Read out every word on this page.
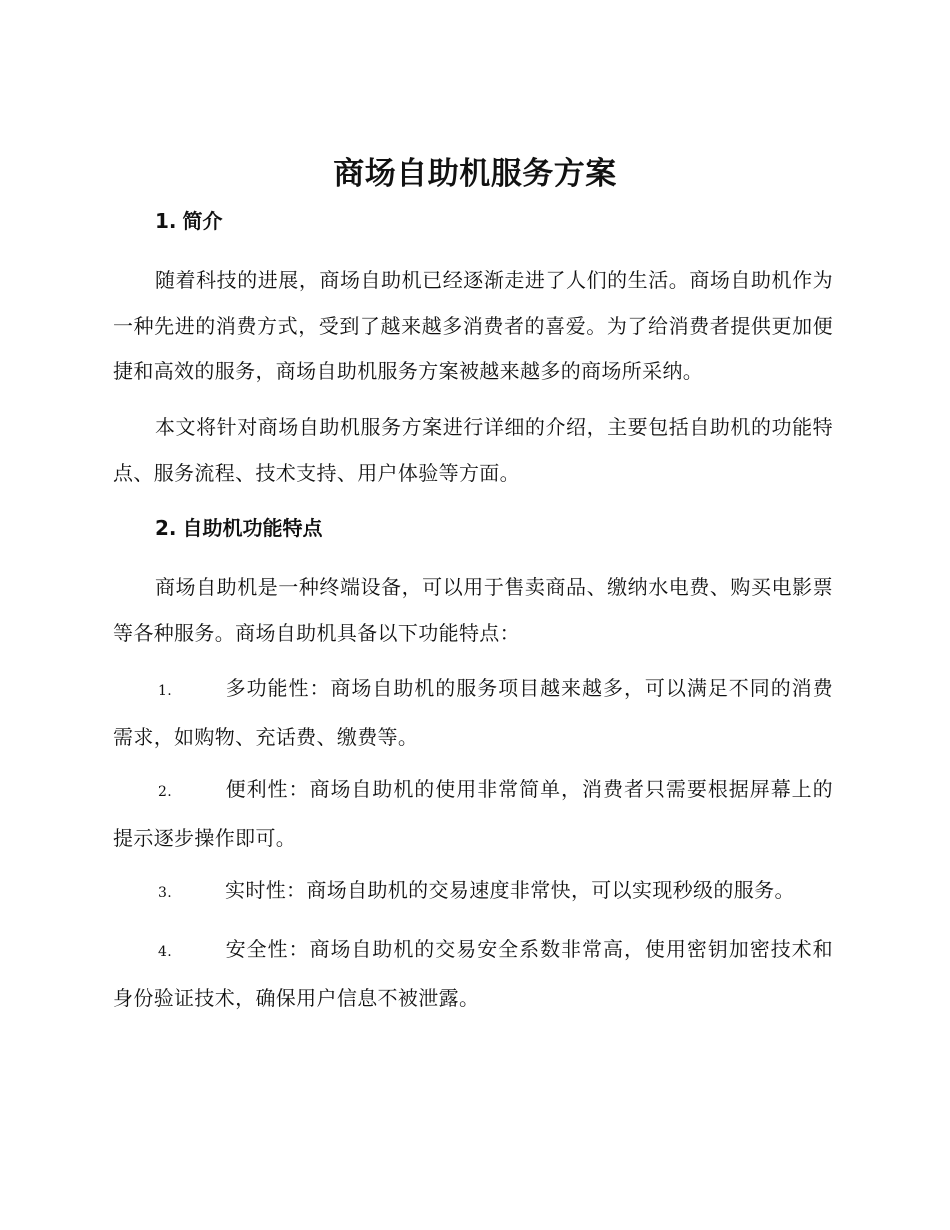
商场自助机服务方案
1. 简介

随着科技的进展，商场自助机已经逐渐走进了人们的生活。商场自助机作为一种先进的消费方式，受到了越来越多消费者的喜爱。为了给消费者提供更加便捷和高效的服务，商场自助机服务方案被越来越多的商场所采纳。

本文将针对商场自助机服务方案进行详细的介绍，主要包括自助机的功能特点、服务流程、技术支持、用户体验等方面。

2. 自助机功能特点

商场自助机是一种终端设备，可以用于售卖商品、缴纳水电费、购买电影票等各种服务。商场自助机具备以下功能特点：

1.	多功能性：商场自助机的服务项目越来越多，可以满足不同的消费需求，如购物、充话费、缴费等。

2.	便利性：商场自助机的使用非常简单，消费者只需要根据屏幕上的提示逐步操作即可。

3.	实时性：商场自助机的交易速度非常快，可以实现秒级的服务。

4.	安全性：商场自助机的交易安全系数非常高，使用密钥加密技术和身份验证技术，确保用户信息不被泄露。
